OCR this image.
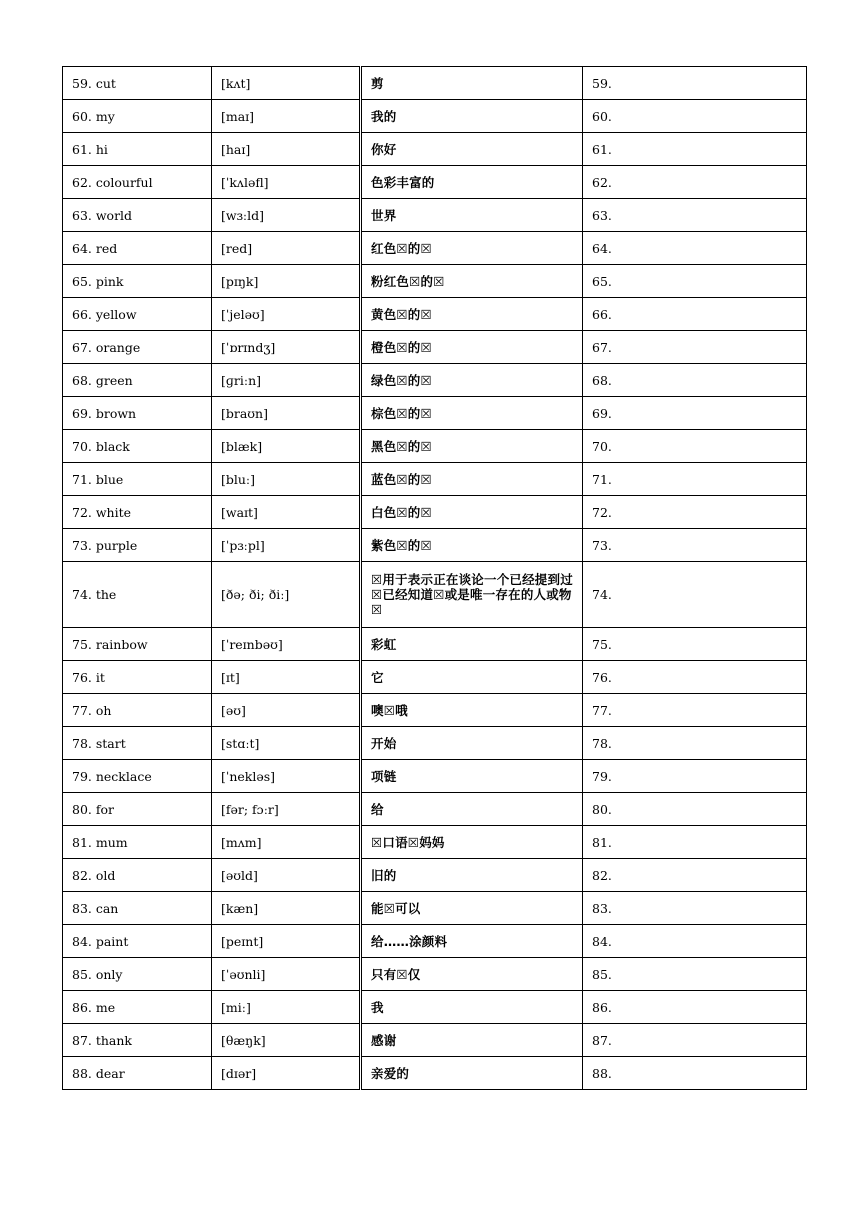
59. cut	[kʌt]	剪	59.
60. my	[maɪ]	我的	60.
61. hi	[haɪ]	你好	61.
62. colourful	[ˈkʌləfl]	色彩丰富的	62.
63. world	[wɜːld]	世界	63.
64. red	[red]	红色☒的☒	64.
65. pink	[pɪŋk]	粉红色☒的☒	65.
66. yellow	[ˈjeləʊ]	黄色☒的☒	66.
67. orange	[ˈɒrɪndʒ]	橙色☒的☒	67.
68. green	[ɡriːn]	绿色☒的☒	68.
69. brown	[braʊn]	棕色☒的☒	69.
70. black	[blæk]	黑色☒的☒	70.
71. blue	[bluː]	蓝色☒的☒	71.
72. white	[waɪt]	白色☒的☒	72.
73. purple	[ˈpɜːpl]	紫色☒的☒	73.
74. the	[ðə; ði; ðiː]	☒用于表示正在谈论一个已经提到过☒已经知道☒或是唯一存在的人或物☒	74.
75. rainbow	[ˈreɪnbəʊ]	彩虹	75.
76. it	[ɪt]	它	76.
77. oh	[əʊ]	噢☒哦	77.
78. start	[stɑːt]	开始	78.
79. necklace	[ˈnekləs]	项链	79.
80. for	[fər; fɔːr]	给	80.
81. mum	[mʌm]	☒口语☒妈妈	81.
82. old	[əʊld]	旧的	82.
83. can	[kæn]	能☒可以	83.
84. paint	[peɪnt]	给……涂颜料	84.
85. only	[ˈəʊnli]	只有☒仅	85.
86. me	[miː]	我	86.
87. thank	[θæŋk]	感谢	87.
88. dear	[dɪər]	亲爱的	88.
